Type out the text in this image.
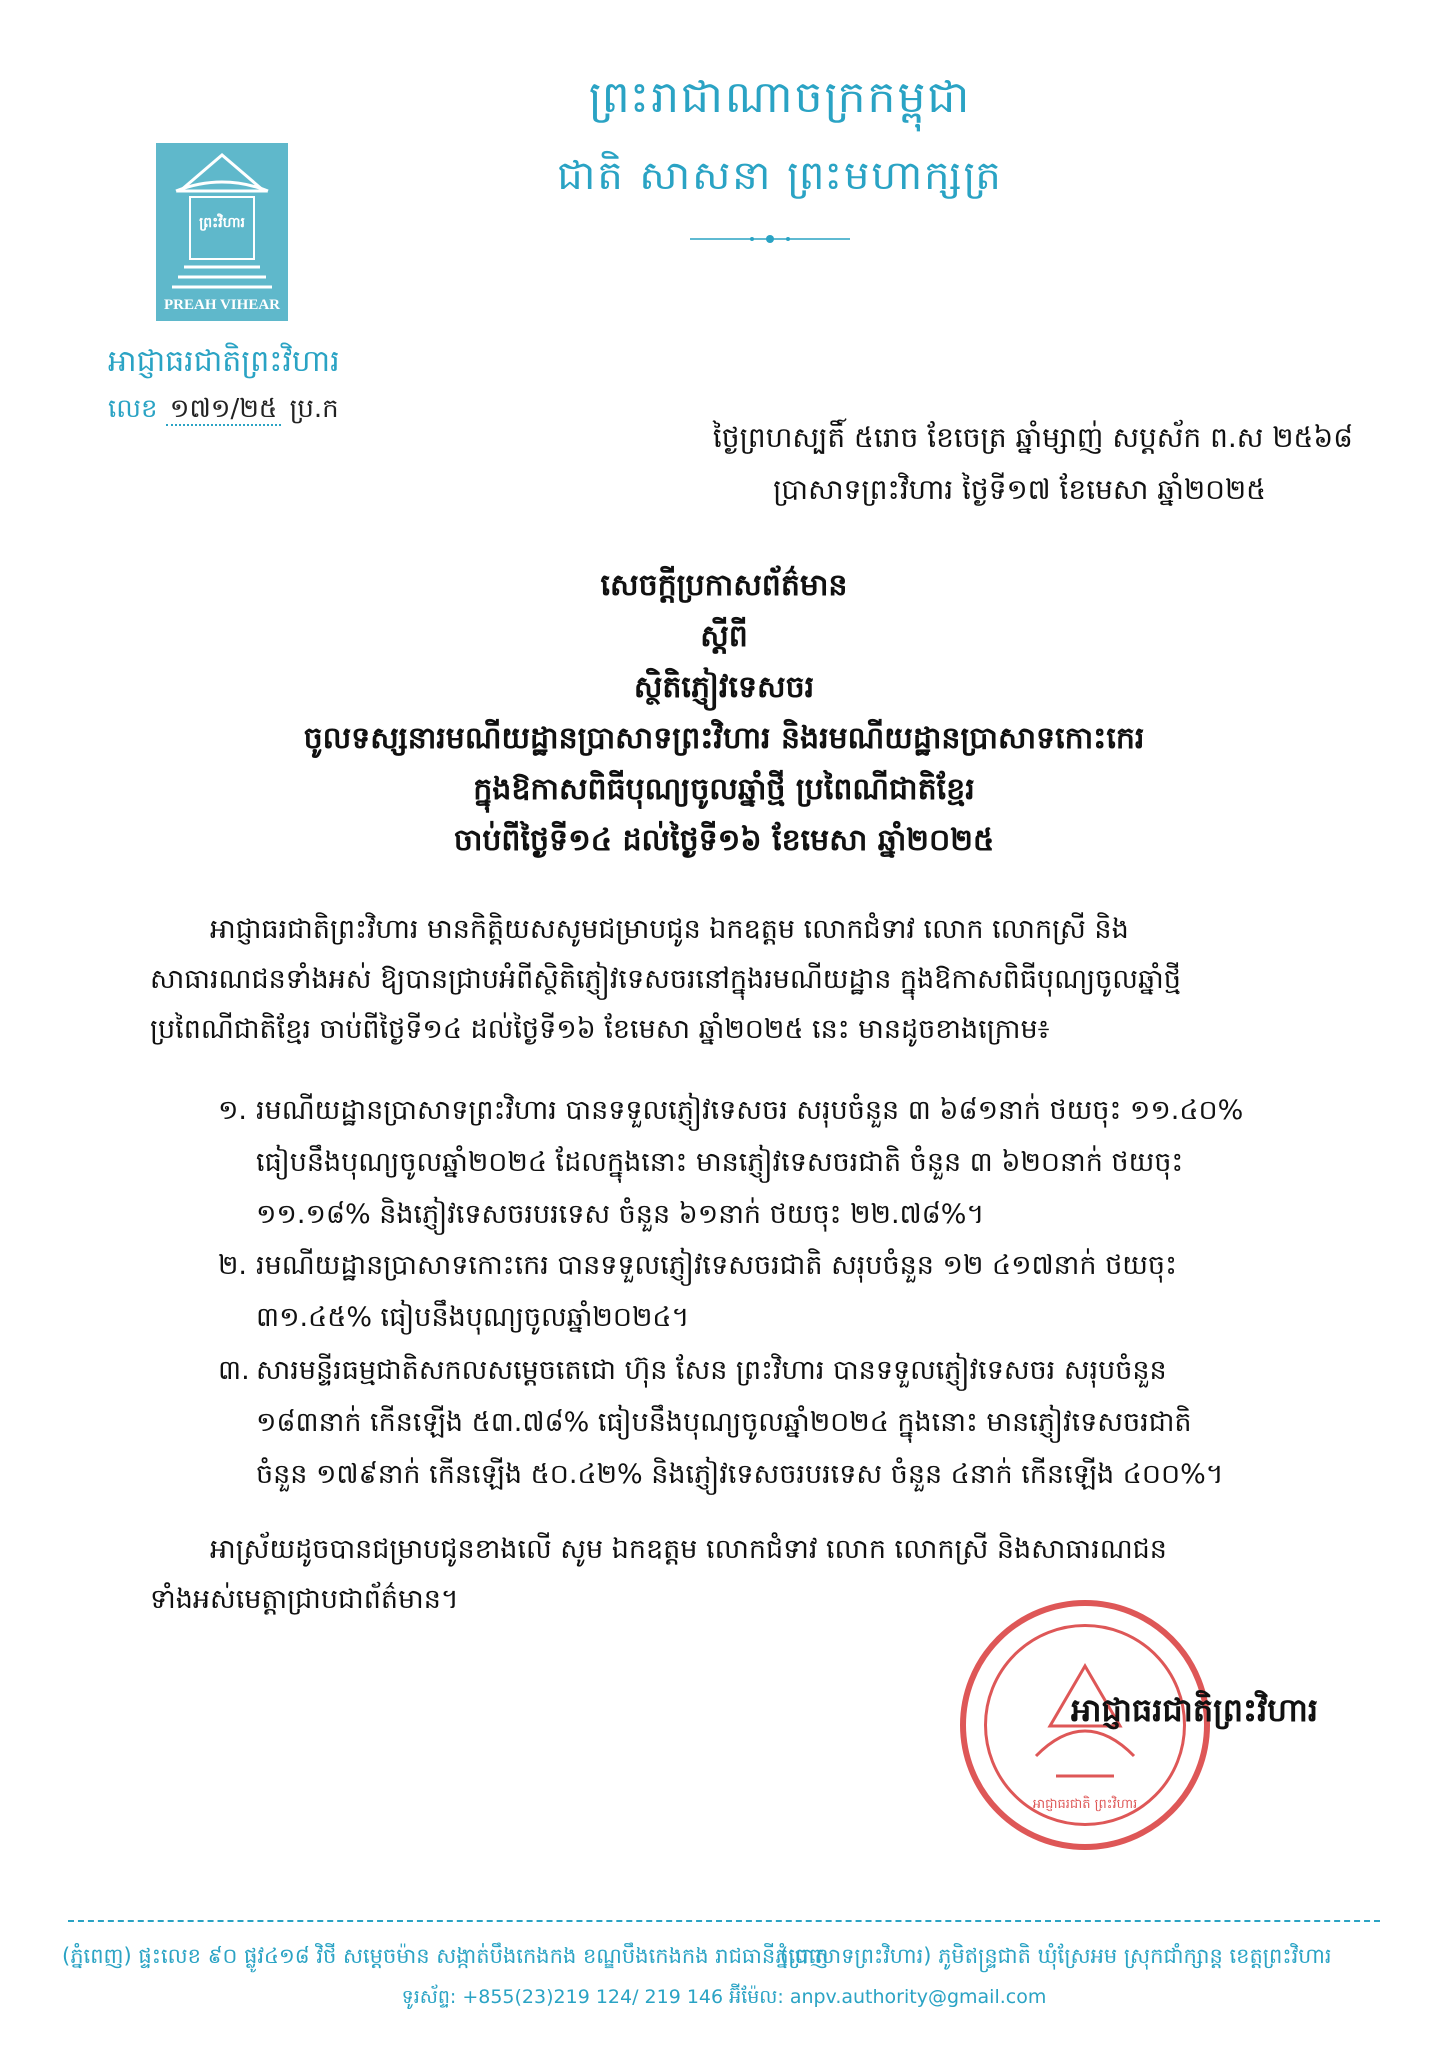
ព្រះរាជាណាចក្រកម្ពុជា
ជាតិ សាសនា ព្រះមហាក្សត្រ
ព្រះវិហារ
PREAH VIHEAR
អាជ្ញាធរជាតិព្រះវិហារ
លេខ ១៧១/២៥ ប្រ.ក
ថ្ងៃព្រហស្បតិ៍ ៥រោច ខែចេត្រ ឆ្នាំម្សាញ់ សប្តស័ក ព.ស ២៥៦៨
ប្រាសាទព្រះវិហារ ថ្ងៃទី១៧ ខែមេសា ឆ្នាំ២០២៥
សេចក្តីប្រកាសព័ត៌មាន
ស្តីពី
ស្ថិតិភ្ញៀវទេសចរ
ចូលទស្សនារមណីយដ្ឋានប្រាសាទព្រះវិហារ និងរមណីយដ្ឋានប្រាសាទកោះកេរ
ក្នុងឱកាសពិធីបុណ្យចូលឆ្នាំថ្មី ប្រពៃណីជាតិខ្មែរ
ចាប់ពីថ្ងៃទី១៤ ដល់ថ្ងៃទី១៦ ខែមេសា ឆ្នាំ២០២៥
អាជ្ញាធរជាតិព្រះវិហារ មានកិត្តិយសសូមជម្រាបជូន ឯកឧត្តម លោកជំទាវ លោក លោកស្រី និង
សាធារណជនទាំងអស់ ឱ្យបានជ្រាបអំពីស្ថិតិភ្ញៀវទេសចរនៅក្នុងរមណីយដ្ឋាន ក្នុងឱកាសពិធីបុណ្យចូលឆ្នាំថ្មី
ប្រពៃណីជាតិខ្មែរ ចាប់ពីថ្ងៃទី១៤ ដល់ថ្ងៃទី១៦ ខែមេសា ឆ្នាំ២០២៥ នេះ មានដូចខាងក្រោម៖
១. រមណីយដ្ឋានប្រាសាទព្រះវិហារ បានទទួលភ្ញៀវទេសចរ សរុបចំនួន ៣ ៦៨១នាក់ ថយចុះ ១១.៤០%
ធៀបនឹងបុណ្យចូលឆ្នាំ២០២៤ ដែលក្នុងនោះ មានភ្ញៀវទេសចរជាតិ ចំនួន ៣ ៦២០នាក់ ថយចុះ
១១.១៨% និងភ្ញៀវទេសចរបរទេស ចំនួន ៦១នាក់ ថយចុះ ២២.៧៨%។
២. រមណីយដ្ឋានប្រាសាទកោះកេរ បានទទួលភ្ញៀវទេសចរជាតិ សរុបចំនួន ១២ ៤១៧នាក់ ថយចុះ
៣១.៤៥% ធៀបនឹងបុណ្យចូលឆ្នាំ២០២៤។
៣. សារមន្ទីរធម្មជាតិសកលសម្តេចតេជោ ហ៊ុន សែន ព្រះវិហារ បានទទួលភ្ញៀវទេសចរ សរុបចំនួន
១៨៣នាក់ កើនឡើង ៥៣.៧៨% ធៀបនឹងបុណ្យចូលឆ្នាំ២០២៤ ក្នុងនោះ មានភ្ញៀវទេសចរជាតិ
ចំនួន ១៧៩នាក់ កើនឡើង ៥០.៤២% និងភ្ញៀវទេសចរបរទេស ចំនួន ៤នាក់ កើនឡើង ៤០០%។
អាស្រ័យដូចបានជម្រាបជូនខាងលើ សូម ឯកឧត្តម លោកជំទាវ លោក លោកស្រី និងសាធារណជន
ទាំងអស់មេត្តាជ្រាបជាព័ត៌មាន។
អាជ្ញាធរជាតិ ព្រះវិហារ
អាជ្ញាធរជាតិព្រះវិហារ
(ភ្នំពេញ) ផ្ទះលេខ ៩០ ផ្លូវ៤១៨ វិថី សម្តេចម៉ាន សង្កាត់បឹងកេងកង ខណ្ឌបឹងកេងកង រាជធានីភ្នំពេញ
(ប្រាសាទព្រះវិហារ) ភូមិឥន្ទ្រជាតិ ឃុំស្រែអម ស្រុកជាំក្សាន្ត ខេត្តព្រះវិហារ
ទូរស័ព្ទ: +855(23)219 124/ 219 146 អ៊ីម៉ែល: anpv.authority@gmail.com
